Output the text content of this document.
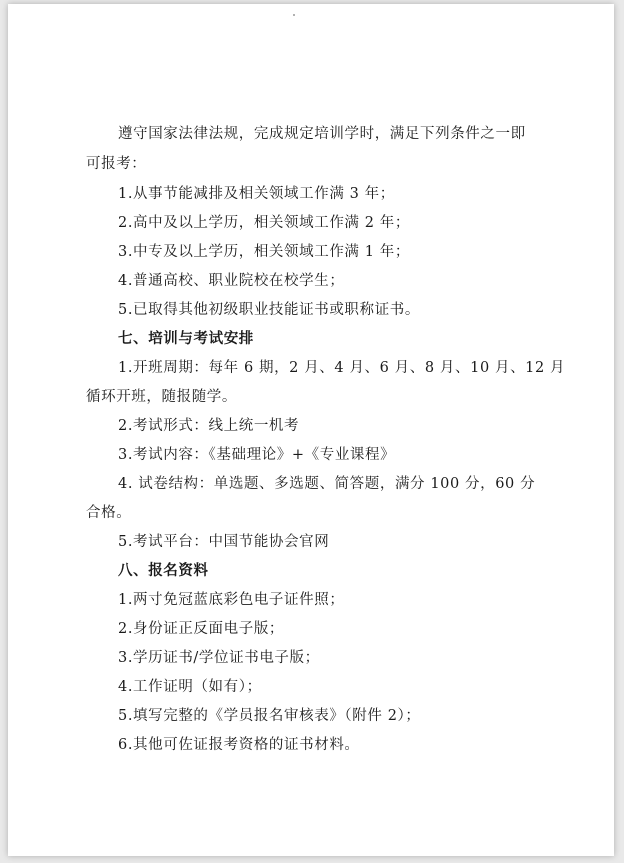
遵守国家法律法规，完成规定培训学时，满足下列条件之一即
可报考：
1.从事节能减排及相关领域工作满 3 年；
2.高中及以上学历，相关领域工作满 2 年；
3.中专及以上学历，相关领域工作满 1 年；
4.普通高校、职业院校在校学生；
5.已取得其他初级职业技能证书或职称证书。
七、培训与考试安排
1.开班周期：每年 6 期，2 月、4 月、6 月、8 月、10 月、12 月
循环开班，随报随学。
2.考试形式：线上统一机考
3.考试内容：《基础理论》+《专业课程》
4. 试卷结构：单选题、多选题、简答题，满分 100 分，60 分
合格。
5.考试平台：中国节能协会官网
八、报名资料
1.两寸免冠蓝底彩色电子证件照；
2.身份证正反面电子版；
3.学历证书/学位证书电子版；
4.工作证明（如有）；
5.填写完整的《学员报名审核表》（附件 2）；
6.其他可佐证报考资格的证书材料。
